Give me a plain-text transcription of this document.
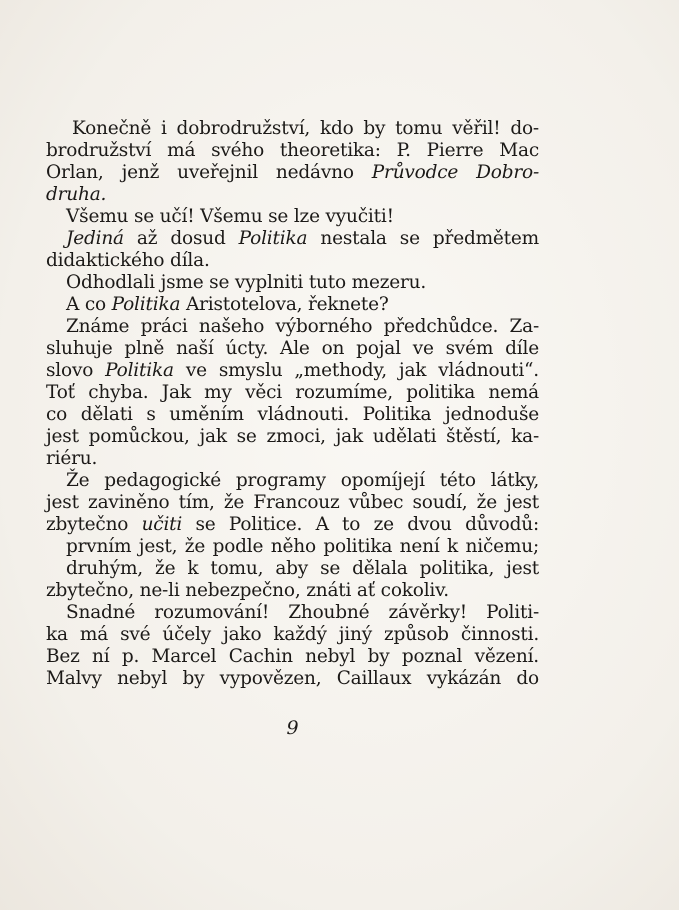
Konečně i dobrodružství, kdo by tomu věřil! do-
brodružství má svého theoretika: P. Pierre Mac
Orlan, jenž uveřejnil nedávno Průvodce Dobro-
druha.
Všemu se učí! Všemu se lze vyučiti!
Jediná až dosud Politika nestala se předmětem
didaktického díla.
Odhodlali jsme se vyplniti tuto mezeru.
A co Politika Aristotelova, řeknete?
Známe práci našeho výborného předchůdce. Za-
sluhuje plně naší úcty. Ale on pojal ve svém díle
slovo Politika ve smyslu „methody, jak vládnouti“.
Toť chyba. Jak my věci rozumíme, politika nemá
co dělati s uměním vládnouti. Politika jednoduše
jest pomůckou, jak se zmoci, jak udělati štěstí, ka-
riéru.
Že pedagogické programy opomíjejí této látky,
jest zaviněno tím, že Francouz vůbec soudí, že jest
zbytečno učiti se Politice. A to ze dvou důvodů:
prvním jest, že podle něho politika není k ničemu;
druhým, že k tomu, aby se dělala politika, jest
zbytečno, ne-li nebezpečno, znáti ať cokoliv.
Snadné rozumování! Zhoubné závěrky! Politi-
ka má své účely jako každý jiný způsob činnosti.
Bez ní p. Marcel Cachin nebyl by poznal vězení.
Malvy nebyl by vypovězen, Caillaux vykázán do
9
